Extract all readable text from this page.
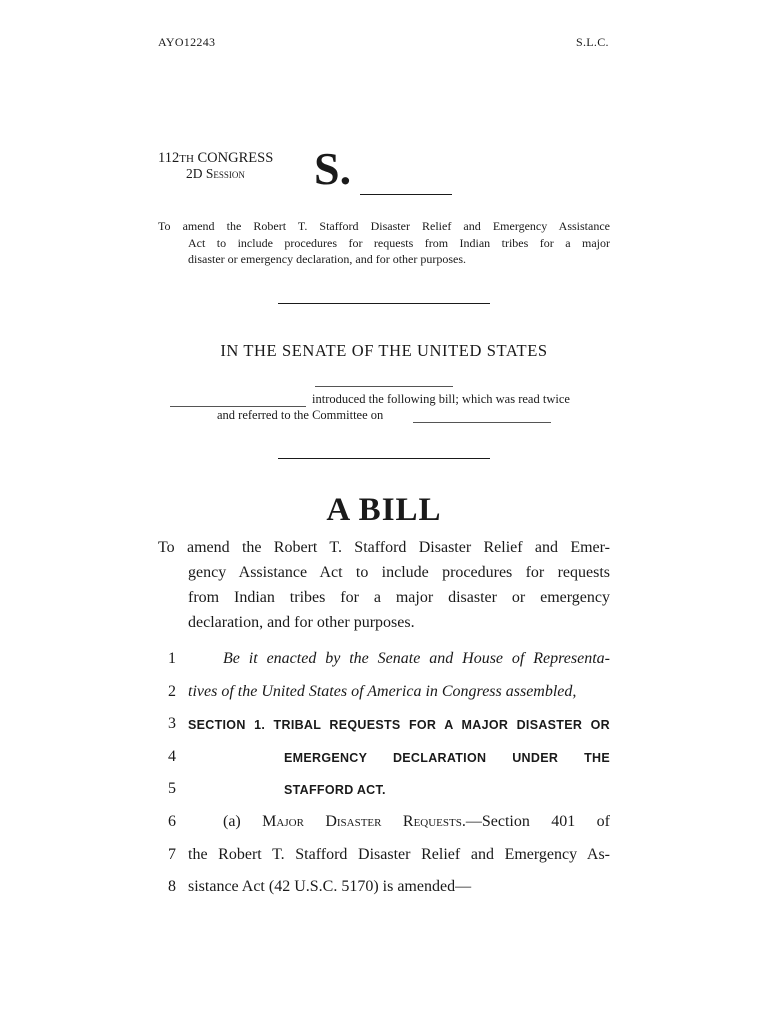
AYO12243	S.L.C.
112TH CONGRESS
2D Session S.
To amend the Robert T. Stafford Disaster Relief and Emergency Assistance
Act to include procedures for requests from Indian tribes for a major
disaster or emergency declaration, and for other purposes.
IN THE SENATE OF THE UNITED STATES
introduced the following bill; which was read twice
and referred to the Committee on
A BILL
To amend the Robert T. Stafford Disaster Relief and Emer-
gency Assistance Act to include procedures for requests
from Indian tribes for a major disaster or emergency
declaration, and for other purposes.
1	Be it enacted by the Senate and House of Representa-
2 tives of the United States of America in Congress assembled,
3 SECTION 1. TRIBAL REQUESTS FOR A MAJOR DISASTER OR
4	EMERGENCY DECLARATION UNDER THE
5	STAFFORD ACT.
6	(a) Major Disaster Requests.—Section 401 of
7 the Robert T. Stafford Disaster Relief and Emergency As-
8 sistance Act (42 U.S.C. 5170) is amended—
